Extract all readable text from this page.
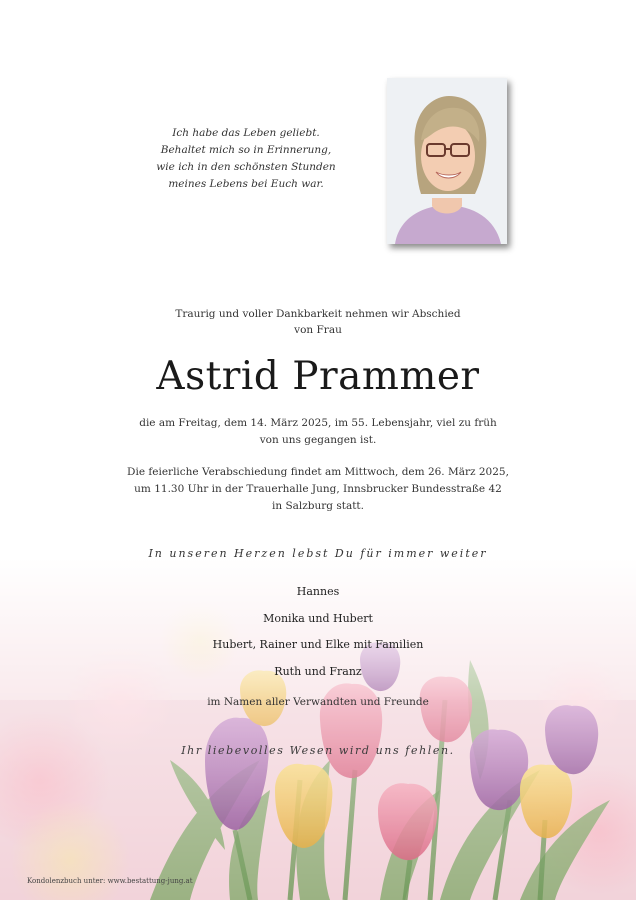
Ich habe das Leben geliebt.
Behaltet mich so in Erinnerung,
wie ich in den schönsten Stunden
meines Lebens bei Euch war.
Traurig und voller Dankbarkeit nehmen wir Abschied
von Frau
Astrid Prammer
die am Freitag, dem 14. März 2025, im 55. Lebensjahr, viel zu früh
von uns gegangen ist.
Die feierliche Verabschiedung findet am Mittwoch, dem 26. März 2025,
um 11.30 Uhr in der Trauerhalle Jung, Innsbrucker Bundesstraße 42
in Salzburg statt.
In unseren Herzen lebst Du für immer weiter
Hannes
Monika und Hubert
Hubert, Rainer und Elke mit Familien
Ruth und Franz
im Namen aller Verwandten und Freunde
Ihr liebevolles Wesen wird uns fehlen.
Kondolenzbuch unter: www.bestattung-jung.at
